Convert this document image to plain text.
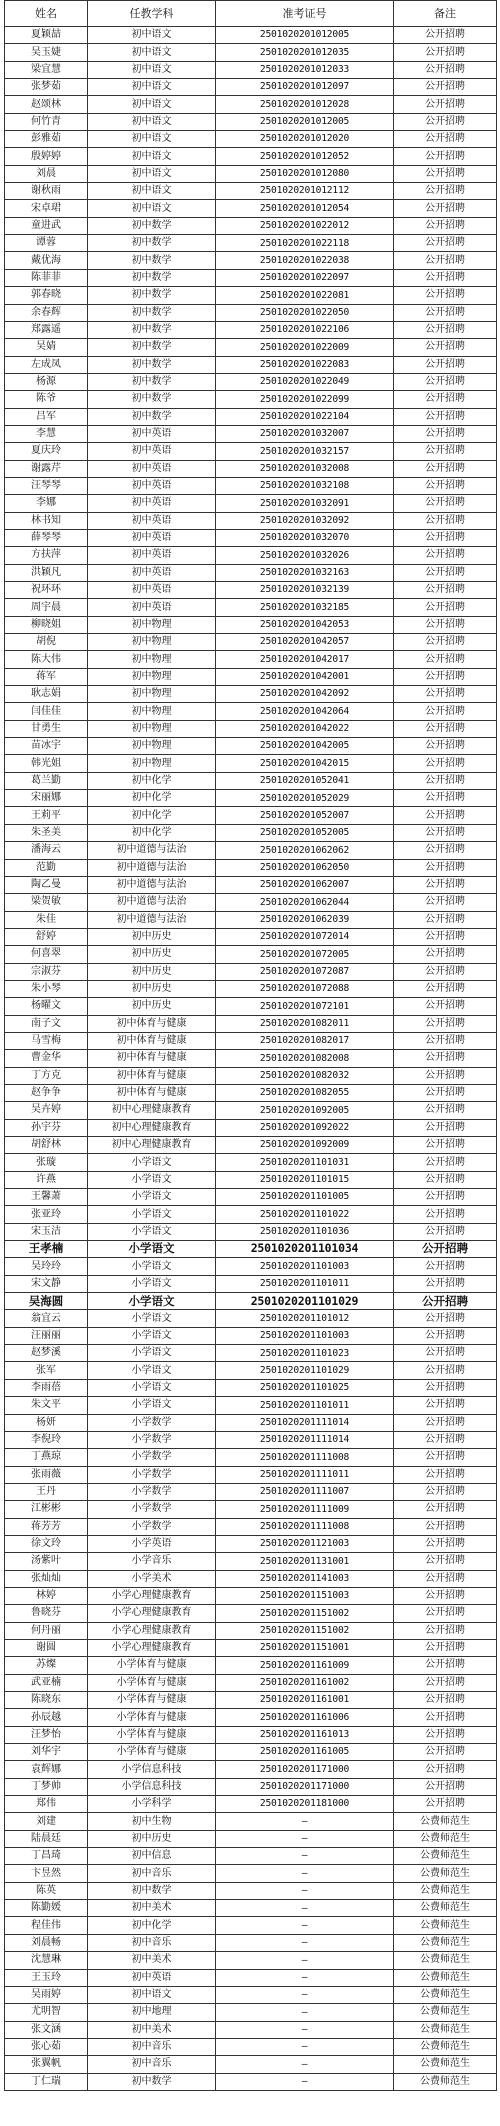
姓名	任教学科	准考证号	备注
夏颖喆	初中语文	2501020201012005	公开招聘
吴玉婕	初中语文	2501020201012035	公开招聘
梁宜慧	初中语文	2501020201012033	公开招聘
张梦茹	初中语文	2501020201012097	公开招聘
赵颂林	初中语文	2501020201012028	公开招聘
何竹青	初中语文	2501020201012005	公开招聘
彭雅茹	初中语文	2501020201012020	公开招聘
殷婷婷	初中语文	2501020201012052	公开招聘
刘晨	初中语文	2501020201012080	公开招聘
谢秋雨	初中语文	2501020201012112	公开招聘
宋卓珺	初中语文	2501020201012054	公开招聘
童进武	初中数学	2501020201022012	公开招聘
谭蓉	初中数学	2501020201022118	公开招聘
戴优海	初中数学	2501020201022038	公开招聘
陈菲菲	初中数学	2501020201022097	公开招聘
郭春晓	初中数学	2501020201022081	公开招聘
余春辉	初中数学	2501020201022050	公开招聘
郑露遥	初中数学	2501020201022106	公开招聘
吴婧	初中数学	2501020201022009	公开招聘
左成凤	初中数学	2501020201022083	公开招聘
杨源	初中数学	2501020201022049	公开招聘
陈爷	初中数学	2501020201022099	公开招聘
吕军	初中数学	2501020201022104	公开招聘
李慧	初中英语	2501020201032007	公开招聘
夏庆玲	初中英语	2501020201032157	公开招聘
谢露芹	初中英语	2501020201032008	公开招聘
汪琴琴	初中英语	2501020201032108	公开招聘
李娜	初中英语	2501020201032091	公开招聘
林书知	初中英语	2501020201032092	公开招聘
薛琴琴	初中英语	2501020201032070	公开招聘
方扶萍	初中英语	2501020201032026	公开招聘
洪颖凡	初中英语	2501020201032163	公开招聘
祝环环	初中英语	2501020201032139	公开招聘
周宇晨	初中英语	2501020201032185	公开招聘
柳晓姐	初中物理	2501020201042053	公开招聘
胡倪	初中物理	2501020201042057	公开招聘
陈大伟	初中物理	2501020201042017	公开招聘
蒋军	初中物理	2501020201042001	公开招聘
耿志娟	初中物理	2501020201042092	公开招聘
闫佳佳	初中物理	2501020201042064	公开招聘
甘勇生	初中物理	2501020201042022	公开招聘
苗冰宇	初中物理	2501020201042005	公开招聘
韩光姐	初中物理	2501020201042015	公开招聘
葛兰勤	初中化学	2501020201052041	公开招聘
宋丽娜	初中化学	2501020201052029	公开招聘
王莉平	初中化学	2501020201052007	公开招聘
朱圣美	初中化学	2501020201052005	公开招聘
潘海云	初中道德与法治	2501020201062062	公开招聘
范勤	初中道德与法治	2501020201062050	公开招聘
陶乙曼	初中道德与法治	2501020201062007	公开招聘
梁贺敏	初中道德与法治	2501020201062044	公开招聘
朱佳	初中道德与法治	2501020201062039	公开招聘
舒婷	初中历史	2501020201072014	公开招聘
何喜翠	初中历史	2501020201072005	公开招聘
宗淑芬	初中历史	2501020201072087	公开招聘
朱小琴	初中历史	2501020201072088	公开招聘
杨曜文	初中历史	2501020201072101	公开招聘
南子文	初中体育与健康	2501020201082011	公开招聘
马雪梅	初中体育与健康	2501020201082017	公开招聘
曹金华	初中体育与健康	2501020201082008	公开招聘
丁方克	初中体育与健康	2501020201082032	公开招聘
赵争争	初中体育与健康	2501020201082055	公开招聘
吴卉婷	初中心理健康教育	2501020201092005	公开招聘
孙宇芬	初中心理健康教育	2501020201092022	公开招聘
胡舒林	初中心理健康教育	2501020201092009	公开招聘
张璇	小学语文	2501020201101031	公开招聘
许燕	小学语文	2501020201101015	公开招聘
王馨萧	小学语文	2501020201101005	公开招聘
张亚玲	小学语文	2501020201101022	公开招聘
宋玉洁	小学语文	2501020201101036	公开招聘
王孝楠	小学语文	2501020201101034	公开招聘
吴玲玲	小学语文	2501020201101003	公开招聘
宋文静	小学语文	2501020201101011	公开招聘
吴海圆	小学语文	2501020201101029	公开招聘
翁宜云	小学语文	2501020201101012	公开招聘
汪丽丽	小学语文	2501020201101003	公开招聘
赵梦溪	小学语文	2501020201101023	公开招聘
张军	小学语文	2501020201101029	公开招聘
李雨蓓	小学语文	2501020201101025	公开招聘
朱文平	小学语文	2501020201101011	公开招聘
杨妍	小学数学	2501020201111014	公开招聘
李倪玲	小学数学	2501020201111014	公开招聘
丁燕琼	小学数学	2501020201111008	公开招聘
张雨薇	小学数学	2501020201111011	公开招聘
王丹	小学数学	2501020201111007	公开招聘
江彬彬	小学数学	2501020201111009	公开招聘
蒋芳芳	小学数学	2501020201111008	公开招聘
徐文玲	小学英语	2501020201121003	公开招聘
汤紫叶	小学音乐	2501020201131001	公开招聘
张灿灿	小学美术	2501020201141003	公开招聘
林婷	小学心理健康教育	2501020201151003	公开招聘
鲁晓芬	小学心理健康教育	2501020201151002	公开招聘
何丹丽	小学心理健康教育	2501020201151002	公开招聘
谢圆	小学心理健康教育	2501020201151001	公开招聘
苏燦	小学体育与健康	2501020201161009	公开招聘
武亚楠	小学体育与健康	2501020201161002	公开招聘
陈晓东	小学体育与健康	2501020201161001	公开招聘
孙辰越	小学体育与健康	2501020201161006	公开招聘
汪梦怡	小学体育与健康	2501020201161013	公开招聘
刘华宇	小学体育与健康	2501020201161005	公开招聘
袁辉娜	小学信息科技	2501020201171000	公开招聘
丁梦帅	小学信息科技	2501020201171000	公开招聘
郑伟	小学科学	2501020201181000	公开招聘
刘建	初中生物	—	公费师范生
陆晨廷	初中历史	—	公费师范生
丁昌琦	初中信息	—	公费师范生
卞昱然	初中音乐	—	公费师范生
陈英	初中数学	—	公费师范生
陈勤媛	初中美术	—	公费师范生
程佳伟	初中化学	—	公费师范生
刘晨畅	初中音乐	—	公费师范生
沈慧琳	初中美术	—	公费师范生
王玉玲	初中英语	—	公费师范生
吴雨婷	初中语文	—	公费师范生
尤明智	初中地理	—	公费师范生
张文涵	初中美术	—	公费师范生
张心茹	初中音乐	—	公费师范生
张翼帆	初中音乐	—	公费师范生
丁仁瑞	初中数学	—	公费师范生
